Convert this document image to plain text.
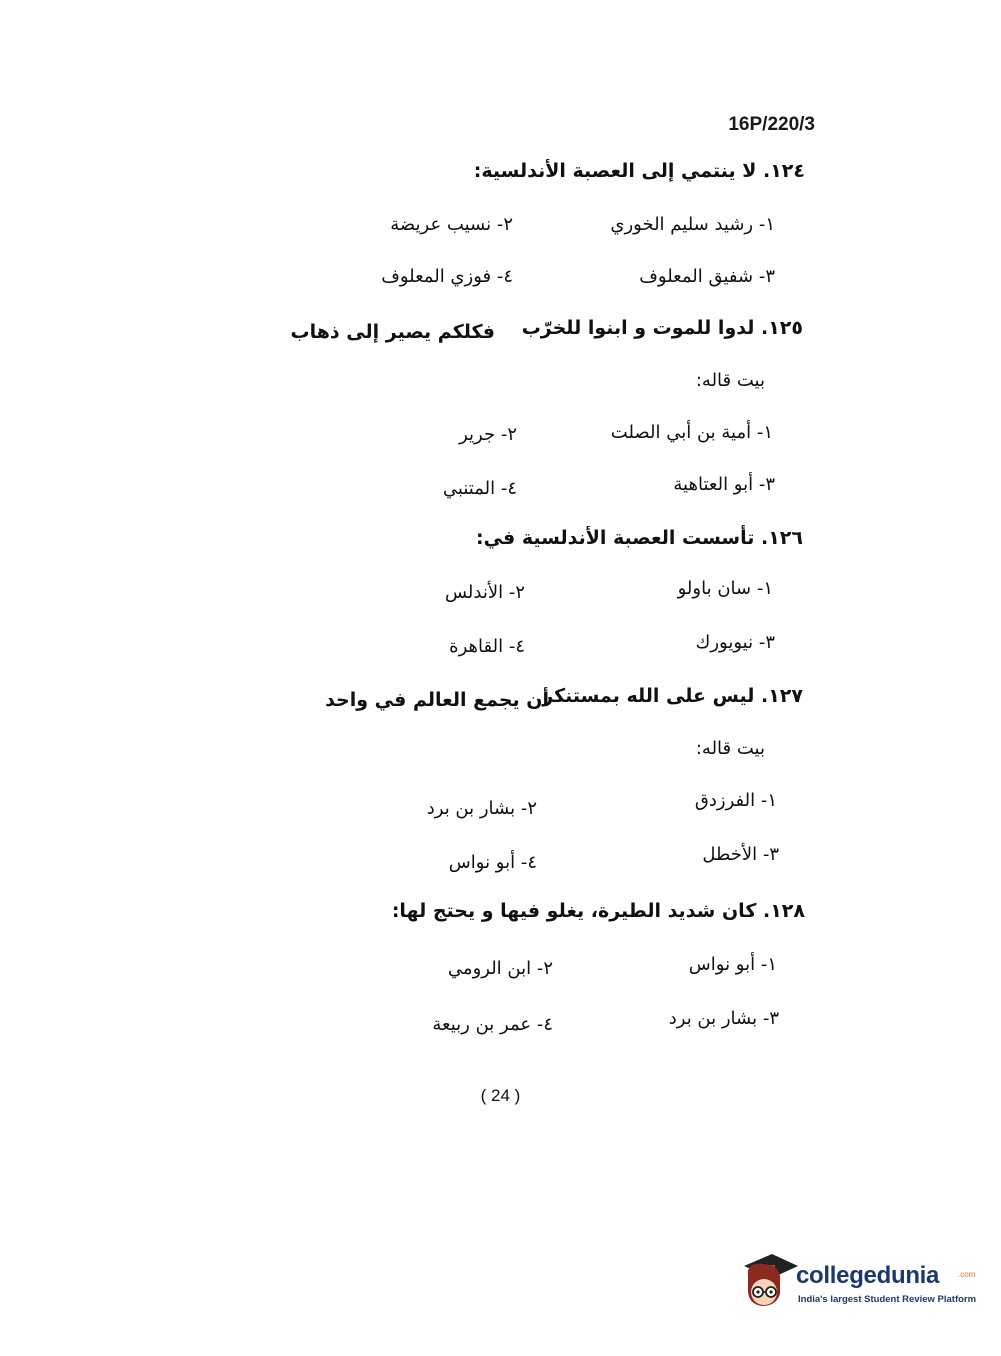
16P/220/3
١٢٤. لا ينتمي إلى العصبة الأندلسية:
١- رشيد سليم الخوري
٢- نسيب عريضة
٣- شفيق المعلوف
٤- فوزي المعلوف
١٢٥. لدوا للموت و ابنوا للخرّب
فكلكم يصير إلى ذهاب
بيت قاله:
١- أمية بن أبي الصلت
٢- جرير
٣- أبو العتاهية
٤- المتنبي
١٢٦. تأسست العصبة الأندلسية في:
١- سان باولو
٢- الأندلس
٣- نيويورك
٤- القاهرة
١٢٧. ليس على الله بمستنكر
أن يجمع العالم في واحد
بيت قاله:
١- الفرزدق
٢- بشار بن برد
٣- الأخطل
٤- أبو نواس
١٢٨. كان شديد الطيرة، يغلو فيها و يحتج لها:
١- أبو نواس
٢- ابن الرومي
٣- بشار بن برد
٤- عمر بن ربيعة
( 24 )
collegedunia .com
India's largest Student Review Platform
